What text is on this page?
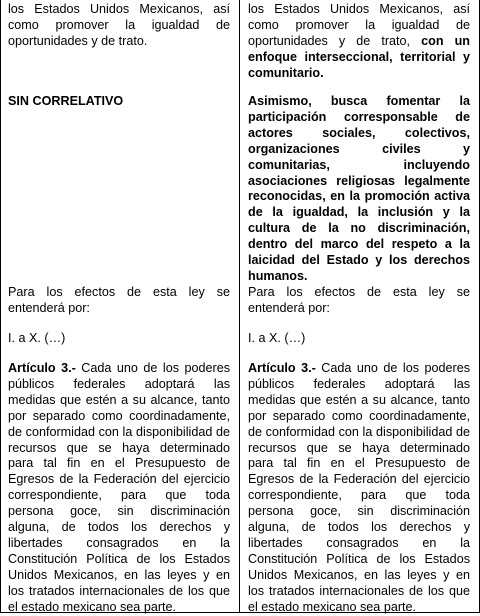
los Estados Unidos Mexicanos, así como promover la igualdad de oportunidades y de trato.

SIN CORRELATIVO

Para los efectos de esta ley se entenderá por:

I. a X. (…)

Artículo 3.- Cada uno de los poderes públicos federales adoptará las medidas que estén a su alcance, tanto por separado como coordinadamente, de conformidad con la disponibilidad de recursos que se haya determinado para tal fin en el Presupuesto de Egresos de la Federación del ejercicio correspondiente, para que toda persona goce, sin discriminación alguna, de todos los derechos y libertades consagrados en la Constitución Política de los Estados Unidos Mexicanos, en las leyes y en los tratados internacionales de los que el estado mexicano sea parte.

los Estados Unidos Mexicanos, así como promover la igualdad de oportunidades y de trato, con un enfoque interseccional, territorial y comunitario.

Asimismo, busca fomentar la participación corresponsable de actores sociales, colectivos, organizaciones civiles y comunitarias, incluyendo asociaciones religiosas legalmente reconocidas, en la promoción activa de la igualdad, la inclusión y la cultura de la no discriminación, dentro del marco del respeto a la laicidad del Estado y los derechos humanos.

Para los efectos de esta ley se entenderá por:

I. a X. (…)

Artículo 3.- Cada uno de los poderes públicos federales adoptará las medidas que estén a su alcance, tanto por separado como coordinadamente, de conformidad con la disponibilidad de recursos que se haya determinado para tal fin en el Presupuesto de Egresos de la Federación del ejercicio correspondiente, para que toda persona goce, sin discriminación alguna, de todos los derechos y libertades consagrados en la Constitución Política de los Estados Unidos Mexicanos, en las leyes y en los tratados internacionales de los que el estado mexicano sea parte.
